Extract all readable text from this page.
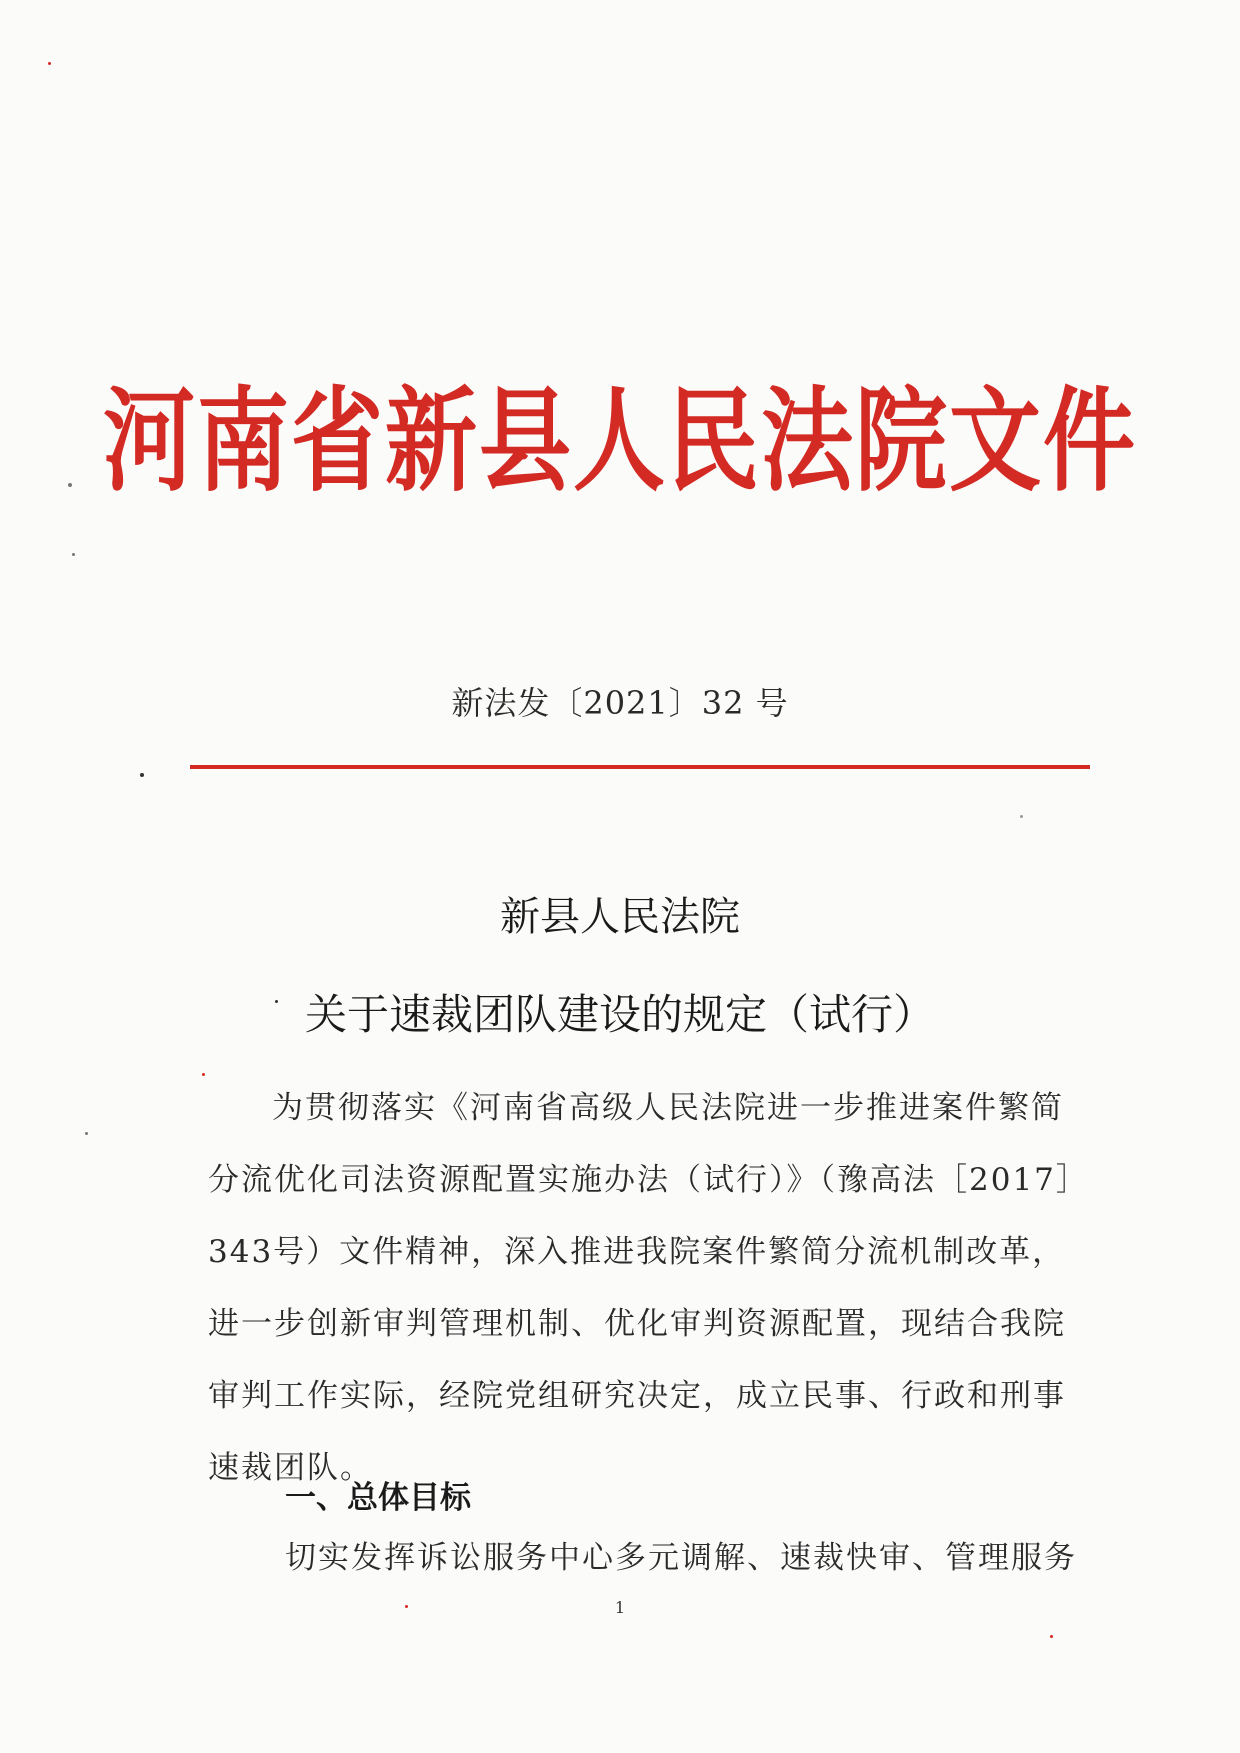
河南省新县人民法院文件
新法发〔2021〕32 号
新县人民法院
关于速裁团队建设的规定（试行）

为贯彻落实《河南省高级人民法院进一步推进案件繁简分流优化司法资源配置实施办法（试行）》（豫高法［2017］343号）文件精神，深入推进我院案件繁简分流机制改革，进一步创新审判管理机制、优化审判资源配置，现结合我院审判工作实际，经院党组研究决定，成立民事、行政和刑事速裁团队。

一、总体目标
切实发挥诉讼服务中心多元调解、速裁快审、管理服务
1
